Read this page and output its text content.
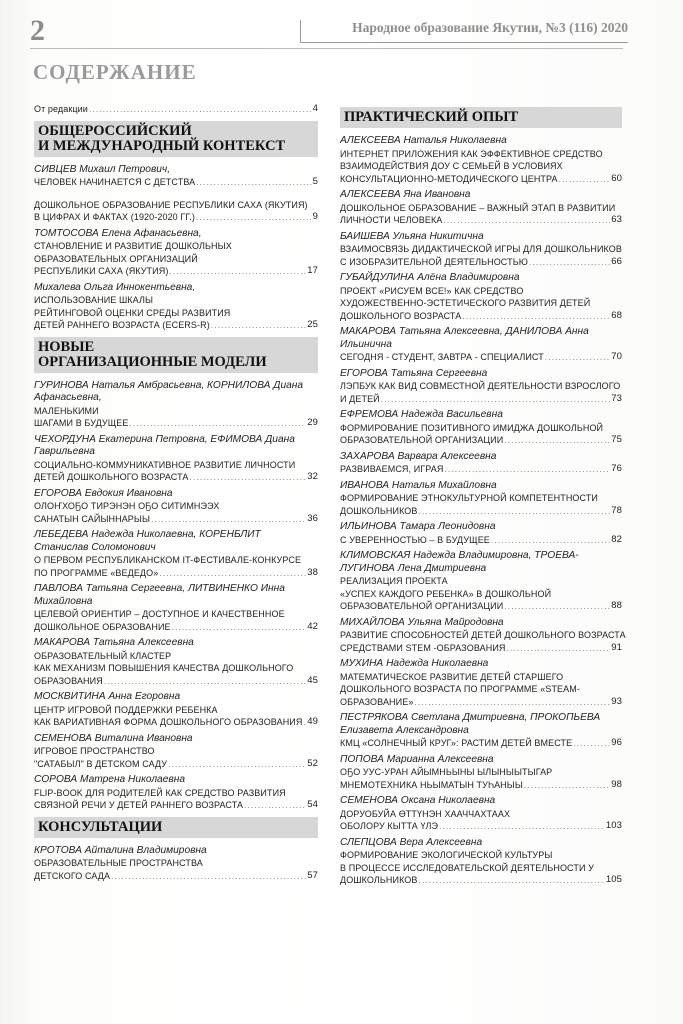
2	Народное образование Якутии, №3 (116) 2020
СОДЕРЖАНИЕ
От редакции . . .	4
ОБЩЕРОССИЙСКИЙ
И МЕЖДУНАРОДНЫЙ КОНТЕКСТ
СИВЦЕВ Михаил Петрович,
ЧЕЛОВЕК НАЧИНАЕТСЯ С ДЕТСТВА . . .	5
ДОШКОЛЬНОЕ ОБРАЗОВАНИЕ РЕСПУБЛИКИ САХА (ЯКУТИЯ)
В ЦИФРАХ И ФАКТАХ (1920-2020 ГГ.) . . .	9
ТОМТОСОВА Елена Афанасьевна,
СТАНОВЛЕНИЕ И РАЗВИТИЕ ДОШКОЛЬНЫХ
ОБРАЗОВАТЕЛЬНЫХ ОРГАНИЗАЦИЙ
РЕСПУБЛИКИ САХА (ЯКУТИЯ) . . .	17
Михалева Ольга Иннокентьевна,
ИСПОЛЬЗОВАНИЕ ШКАЛЫ
РЕЙТИНГОВОЙ ОЦЕНКИ СРЕДЫ РАЗВИТИЯ
ДЕТЕЙ РАННЕГО ВОЗРАСТА (ECERS-R) . . .	25
НОВЫЕ
ОРГАНИЗАЦИОННЫЕ МОДЕЛИ
ГУРИНОВА Наталья Амбрасьевна, КОРНИЛОВА Диана Афанасьевна,
МАЛЕНЬКИМИ
ШАГАМИ В БУДУЩЕЕ . . .	29
ЧЕХОРДУНА Екатерина Петровна, ЕФИМОВА Диана Гаврильевна
СОЦИАЛЬНО-КОММУНИКАТИВНОЕ РАЗВИТИЕ ЛИЧНОСТИ
ДЕТЕЙ ДОШКОЛЬНОГО ВОЗРАСТА . . .	32
ЕГОРОВА Евдокия Ивановна
ОЛОҤХОҔО ТИРЭНЭН ОҔО СИТИМНЭЭХ
САНАТЫН САЙЫННАРЫЫ . . .	36
ЛЕБЕДЕВА Надежда Николаевна, КОРЕНБЛИТ Станислав Соломонович
О ПЕРВОМ РЕСПУБЛИКАНСКОМ IT-ФЕСТИВАЛЕ-КОНКУРСЕ
ПО ПРОГРАММЕ «ВЕДЕДО» . . .	38
ПАВЛОВА Татьяна Сергеевна, ЛИТВИНЕНКО Инна Михайловна
ЦЕЛЕВОЙ ОРИЕНТИР – ДОСТУПНОЕ И КАЧЕСТВЕННОЕ
ДОШКОЛЬНОЕ ОБРАЗОВАНИЕ . . .	42
МАКАРОВА Татьяна Алексеевна
ОБРАЗОВАТЕЛЬНЫЙ КЛАСТЕР
КАК МЕХАНИЗМ ПОВЫШЕНИЯ КАЧЕСТВА ДОШКОЛЬНОГО
ОБРАЗОВАНИЯ . . .	45
МОСКВИТИНА Анна Егоровна
ЦЕНТР ИГРОВОЙ ПОДДЕРЖКИ РЕБЕНКА
КАК ВАРИАТИВНАЯ ФОРМА ДОШКОЛЬНОГО ОБРАЗОВАНИЯ . . . 49
СЕМЕНОВА Виталина Ивановна
ИГРОВОЕ ПРОСТРАНСТВО
"САТАБЫЛ" В ДЕТСКОМ САДУ . . .	52
СОРОВА Матрена Николаевна
FLIP-BOOK ДЛЯ РОДИТЕЛЕЙ КАК СРЕДСТВО РАЗВИТИЯ
СВЯЗНОЙ РЕЧИ У ДЕТЕЙ РАННЕГО ВОЗРАСТА . . .	54
КОНСУЛЬТАЦИИ
КРОТОВА Айталина Владимировна
ОБРАЗОВАТЕЛЬНЫЕ ПРОСТРАНСТВА
ДЕТСКОГО САДА . . .	57
ПРАКТИЧЕСКИЙ ОПЫТ
АЛЕКСЕЕВА Наталья Николаевна
ИНТЕРНЕТ ПРИЛОЖЕНИЯ КАК ЭФФЕКТИВНОЕ СРЕДСТВО
ВЗАИМОДЕЙСТВИЯ ДОУ С СЕМЬЕЙ В УСЛОВИЯХ
КОНСУЛЬТАЦИОННО-МЕТОДИЧЕСКОГО ЦЕНТРА . . .	60
АЛЕКСЕЕВА Яна Ивановна
ДОШКОЛЬНОЕ ОБРАЗОВАНИЕ – ВАЖНЫЙ ЭТАП В РАЗВИТИИ
ЛИЧНОСТИ ЧЕЛОВЕКА . . .	63
БАИШЕВА Ульяна Никитична
ВЗАИМОСВЯЗЬ ДИДАКТИЧЕСКОЙ ИГРЫ ДЛЯ ДОШКОЛЬНИКОВ
С ИЗОБРАЗИТЕЛЬНОЙ ДЕЯТЕЛЬНОСТЬЮ . . .	66
ГУБАЙДУЛИНА Алёна Владимировна
ПРОЕКТ «РИСУЕМ ВСЕ!» КАК СРЕДСТВО
ХУДОЖЕСТВЕННО-ЭСТЕТИЧЕСКОГО РАЗВИТИЯ ДЕТЕЙ
ДОШКОЛЬНОГО ВОЗРАСТА . . .	68
МАКАРОВА Татьяна Алексеевна, ДАНИЛОВА Анна Ильинична
СЕГОДНЯ - СТУДЕНТ, ЗАВТРА - СПЕЦИАЛИСТ . . .	70
ЕГОРОВА Татьяна Сергеевна
ЛЭПБУК КАК ВИД СОВМЕСТНОЙ ДЕЯТЕЛЬНОСТИ ВЗРОСЛОГО
И ДЕТЕЙ . . .	73
ЕФРЕМОВА Надежда Васильевна
ФОРМИРОВАНИЕ ПОЗИТИВНОГО ИМИДЖА ДОШКОЛЬНОЙ
ОБРАЗОВАТЕЛЬНОЙ ОРГАНИЗАЦИИ . . .	75
ЗАХАРОВА Варвара Алексеевна
РАЗВИВАЕМСЯ, ИГРАЯ . . .	76
ИВАНОВА Наталья Михайловна
ФОРМИРОВАНИЕ ЭТНОКУЛЬТУРНОЙ КОМПЕТЕНТНОСТИ
ДОШКОЛЬНИКОВ . . .	78
ИЛЬИНОВА Тамара Леонидовна
С УВЕРЕННОСТЬЮ – В БУДУЩЕЕ . . .	82
КЛИМОВСКАЯ Надежда Владимировна, ТРОЕВА-ЛУГИНОВА Лена Дмитриевна
РЕАЛИЗАЦИЯ ПРОЕКТА
«УСПЕХ КАЖДОГО РЕБЕНКА» В ДОШКОЛЬНОЙ
ОБРАЗОВАТЕЛЬНОЙ ОРГАНИЗАЦИИ . . .	88
МИХАЙЛОВА Ульяна Майродовна
РАЗВИТИЕ СПОСОБНОСТЕЙ ДЕТЕЙ ДОШКОЛЬНОГО ВОЗРАСТА
СРЕДСТВАМИ STEM -ОБРАЗОВАНИЯ . . .	91
МУХИНА Надежда Николаевна
МАТЕМАТИЧЕСКОЕ РАЗВИТИЕ ДЕТЕЙ СТАРШЕГО
ДОШКОЛЬНОГО ВОЗРАСТА ПО ПРОГРАММЕ «STEAM-
ОБРАЗОВАНИЕ» . . .	93
ПЕСТРЯКОВА Светлана Дмитриевна, ПРОКОПЬЕВА Елизавета Александровна
КМЦ «СОЛНЕЧНЫЙ КРУГ»: РАСТИМ ДЕТЕЙ ВМЕСТЕ . . .	96
ПОПОВА Марианна Алексеевна
ОҔО УУС-УРАН АЙЫМНЬЫНЫ ЫЛЫНЫЫТЫГАР
МНЕМОТЕХНИКА НЬЫМАТЫН ТУҺАНЫЫ . . .	98
СЕМЕНОВА Оксана Николаевна
ДОРУОБУЙА ӨТТҮНЭН ХААЧЧАХТААХ
ОБОЛОРУ КЫТТА ҮЛЭ . . .	103
СЛЕПЦОВА Вера Алексеевна
ФОРМИРОВАНИЕ ЭКОЛОГИЧЕСКОЙ КУЛЬТУРЫ
В ПРОЦЕССЕ ИССЛЕДОВАТЕЛЬСКОЙ ДЕЯТЕЛЬНОСТИ У
ДОШКОЛЬНИКОВ . . .	105
